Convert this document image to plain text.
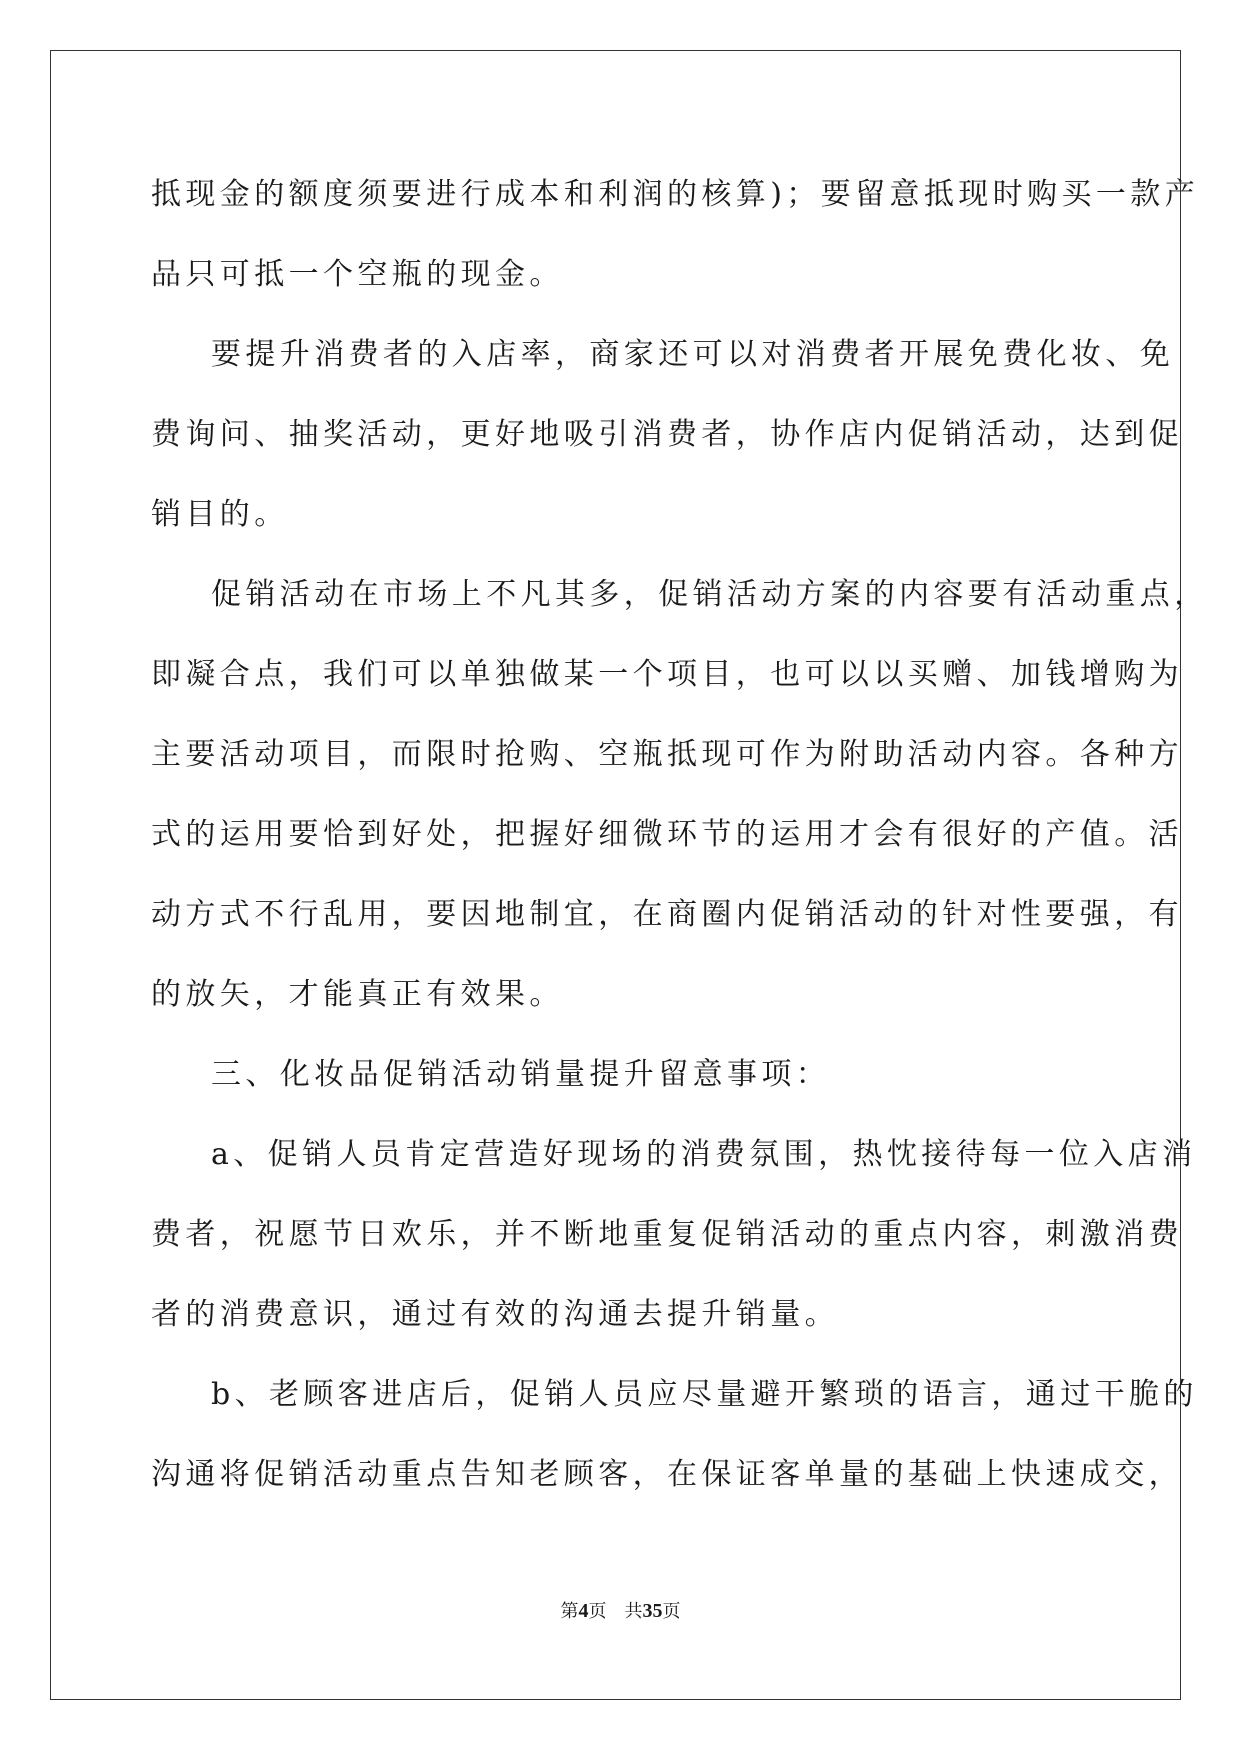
抵现金的额度须要进行成本和利润的核算)；要留意抵现时购买一款产
品只可抵一个空瓶的现金。
要提升消费者的入店率，商家还可以对消费者开展免费化妆、免
费询问、抽奖活动，更好地吸引消费者，协作店内促销活动，达到促
销目的。
促销活动在市场上不凡其多，促销活动方案的内容要有活动重点，
即凝合点，我们可以单独做某一个项目，也可以以买赠、加钱增购为
主要活动项目，而限时抢购、空瓶抵现可作为附助活动内容。各种方
式的运用要恰到好处，把握好细微环节的运用才会有很好的产值。活
动方式不行乱用，要因地制宜，在商圈内促销活动的针对性要强，有
的放矢，才能真正有效果。
三、化妆品促销活动销量提升留意事项：
a、促销人员肯定营造好现场的消费氛围，热忱接待每一位入店消
费者，祝愿节日欢乐，并不断地重复促销活动的重点内容，刺激消费
者的消费意识，通过有效的沟通去提升销量。
b、老顾客进店后，促销人员应尽量避开繁琐的语言，通过干脆的
沟通将促销活动重点告知老顾客，在保证客单量的基础上快速成交，
第4页 共35页
